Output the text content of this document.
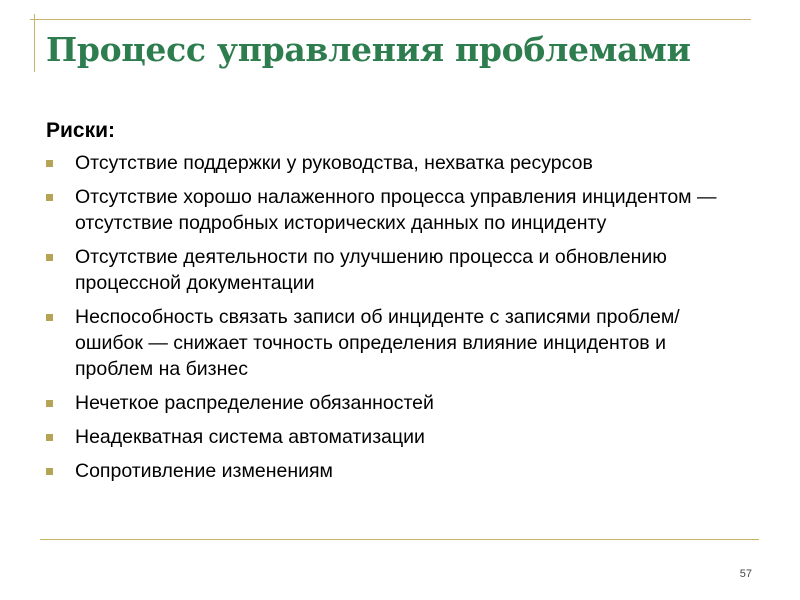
Процесс управления проблемами
Риски:
Отсутствие поддержки у руководства, нехватка ресурсов
Отсутствие хорошо налаженного процесса управления инцидентом — отсутствие подробных исторических данных по инциденту
Отсутствие деятельности по улучшению процесса и обновлению процессной документации
Неспособность связать записи об инциденте с записями проблем/ ошибок — снижает точность определения влияние инцидентов и проблем на бизнес
Нечеткое распределение обязанностей
Неадекватная система автоматизации
Сопротивление изменениям
57
